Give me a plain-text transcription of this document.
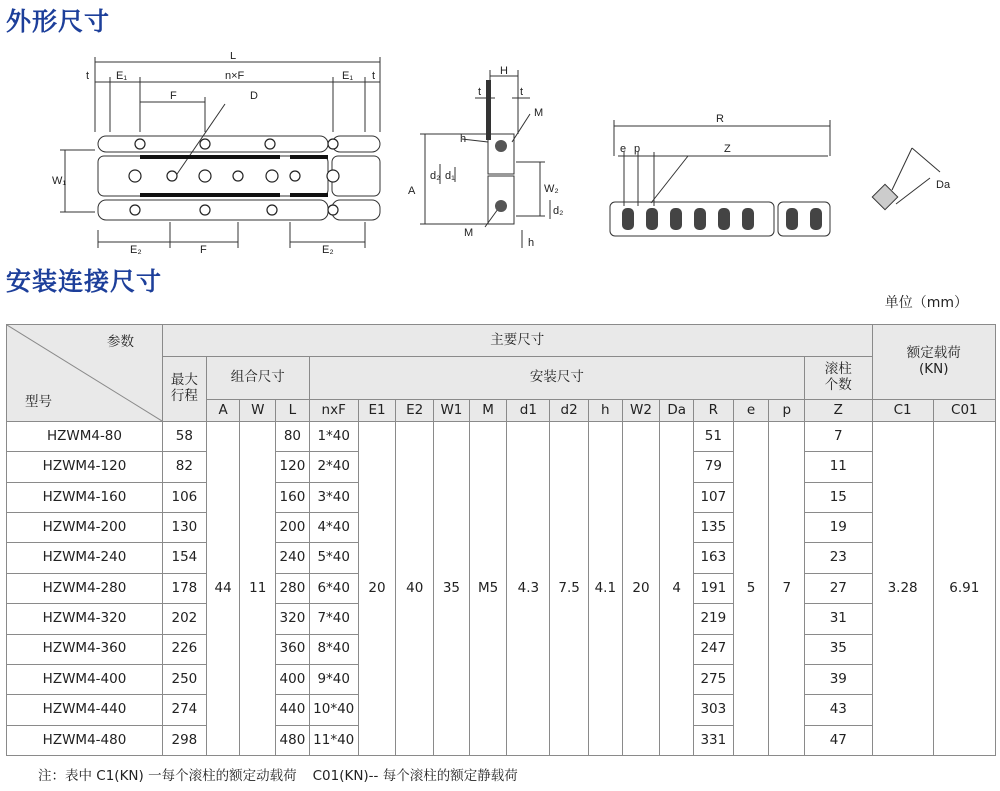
外形尺寸
L
t E₁	n×F	E₁ t
F	D
W₁
E₂	F	E₂
H
t	t
M
h
A
d₂ d₁
W₂
d₂
M
h
R
e p	Z
Da
安装连接尺寸
单位（mm）
参数
型号	主要尺寸																		额定载荷
(KN)	
	最大
行程	组合尺寸			安装尺寸													滚柱
个数		
		A	W	L	nxF	E1	E2	W1	M	d1	d2	h	W2	Da	R	e	p	Z	C1	C01
HZWM4-80	58	44	11	80	1*40	20	40	35	M5	4.3	7.5	4.1	20	4	51	5	7	7	3.28	6.91
HZWM4-120	82			120	2*40										79			11		
HZWM4-160	106			160	3*40										107			15		
HZWM4-200	130			200	4*40										135			19		
HZWM4-240	154			240	5*40										163			23		
HZWM4-280	178			280	6*40										191			27		
HZWM4-320	202			320	7*40										219			31		
HZWM4-360	226			360	8*40										247			35		
HZWM4-400	250			400	9*40										275			39		
HZWM4-440	274			440	10*40										303			43		
HZWM4-480	298			480	11*40										331			47		

注：表中 C1(KN) 一每个滚柱的额定动载荷 C01(KN)-- 每个滚柱的额定静载荷
